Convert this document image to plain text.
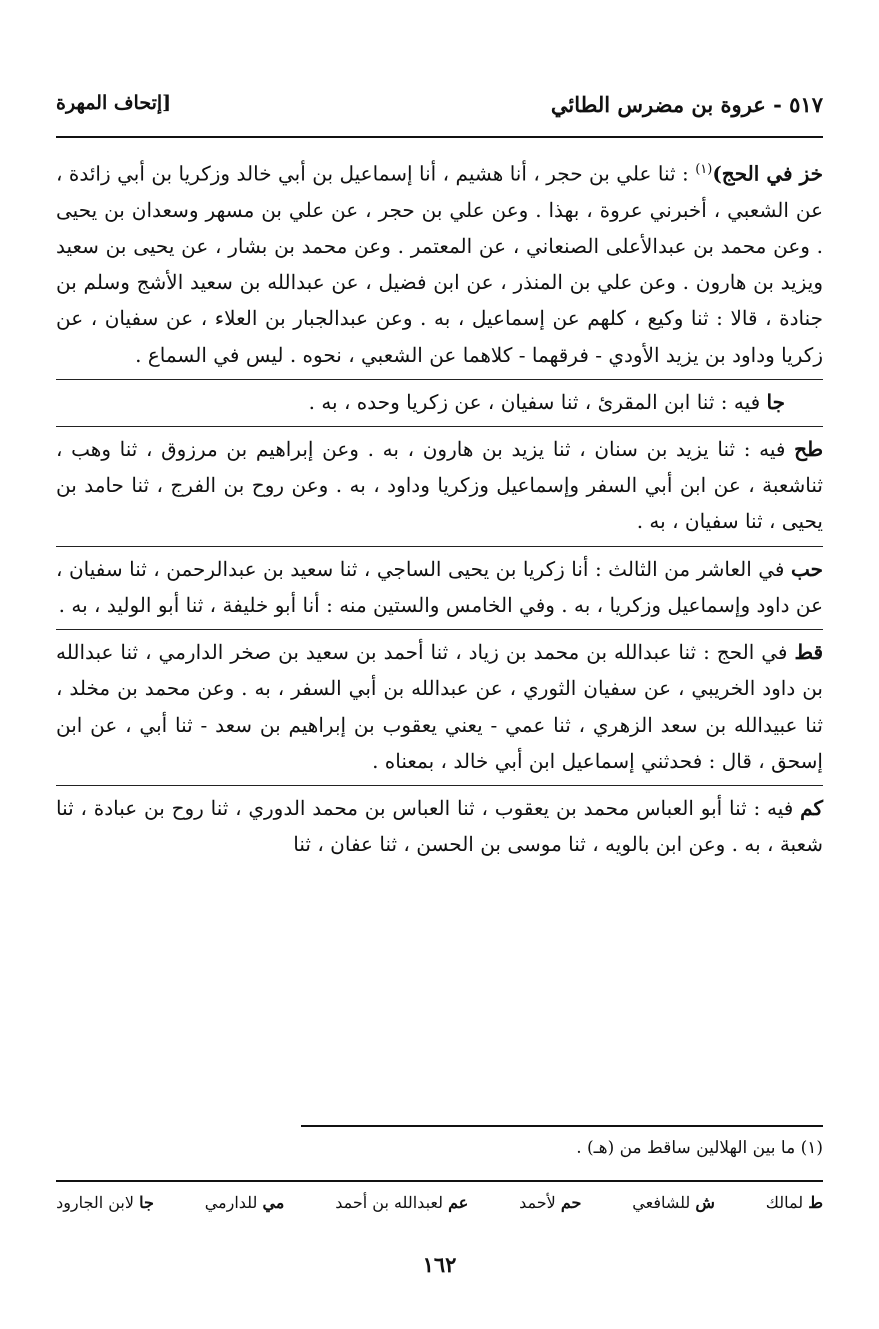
٥١٧ - عروة بن مضرس الطائي
[إتحاف المهرة

خز في الحج)$^{(١)}$ : ثنا علي بن حجر ، أنا هشيم ، أنا إسماعيل بن أبي خالد وزكريا بن أبي زائدة ، عن الشعبي ، أخبرني عروة ، بهذا . وعن علي بن حجر ، عن علي بن مسهر وسعدان بن يحيى . وعن محمد بن عبدالأعلى الصنعاني ، عن المعتمر . وعن محمد بن بشار ، عن يحيى بن سعيد ويزيد بن هارون . وعن علي بن المنذر ، عن ابن فضيل ، عن عبدالله بن سعيد الأشج وسلم بن جنادة ، قالا : ثنا وكيع ، كلهم عن إسماعيل ، به . وعن عبدالجبار بن العلاء ، عن سفيان ، عن زكريا وداود بن يزيد الأودي - فرقهما - كلاهما عن الشعبي ، نحوه . ليس في السماع .

جا فيه : ثنا ابن المقرئ ، ثنا سفيان ، عن زكريا وحده ، به .

طح فيه : ثنا يزيد بن سنان ، ثنا يزيد بن هارون ، به . وعن إبراهيم بن مرزوق ، ثنا وهب ، ثناشعبة ، عن ابن أبي السفر وإسماعيل وزكريا وداود ، به . وعن روح بن الفرج ، ثنا حامد بن يحيى ، ثنا سفيان ، به .

حب في العاشر من الثالث : أنا زكريا بن يحيى الساجي ، ثنا سعيد بن عبدالرحمن ، ثنا سفيان ، عن داود وإسماعيل وزكريا ، به . وفي الخامس والستين منه : أنا أبو خليفة ، ثنا أبو الوليد ، به .

قط في الحج : ثنا عبدالله بن محمد بن زياد ، ثنا أحمد بن سعيد بن صخر الدارمي ، ثنا عبدالله بن داود الخريبي ، عن سفيان الثوري ، عن عبدالله بن أبي السفر ، به . وعن محمد بن مخلد ، ثنا عبيدالله بن سعد الزهري ، ثنا عمي - يعني يعقوب بن إبراهيم بن سعد - ثنا أبي ، عن ابن إسحق ، قال : فحدثني إسماعيل ابن أبي خالد ، بمعناه .

كم فيه : ثنا أبو العباس محمد بن يعقوب ، ثنا العباس بن محمد الدوري ، ثنا روح بن عبادة ، ثنا شعبة ، به . وعن ابن بالويه ، ثنا موسى بن الحسن ، ثنا عفان ، ثنا

(١) ما بين الهلالين ساقط من (هـ) .
ط لمالك
ش للشافعي
حم لأحمد
عم لعبدالله بن أحمد
مي للدارمي
جا لابن الجارود
١٦٢
